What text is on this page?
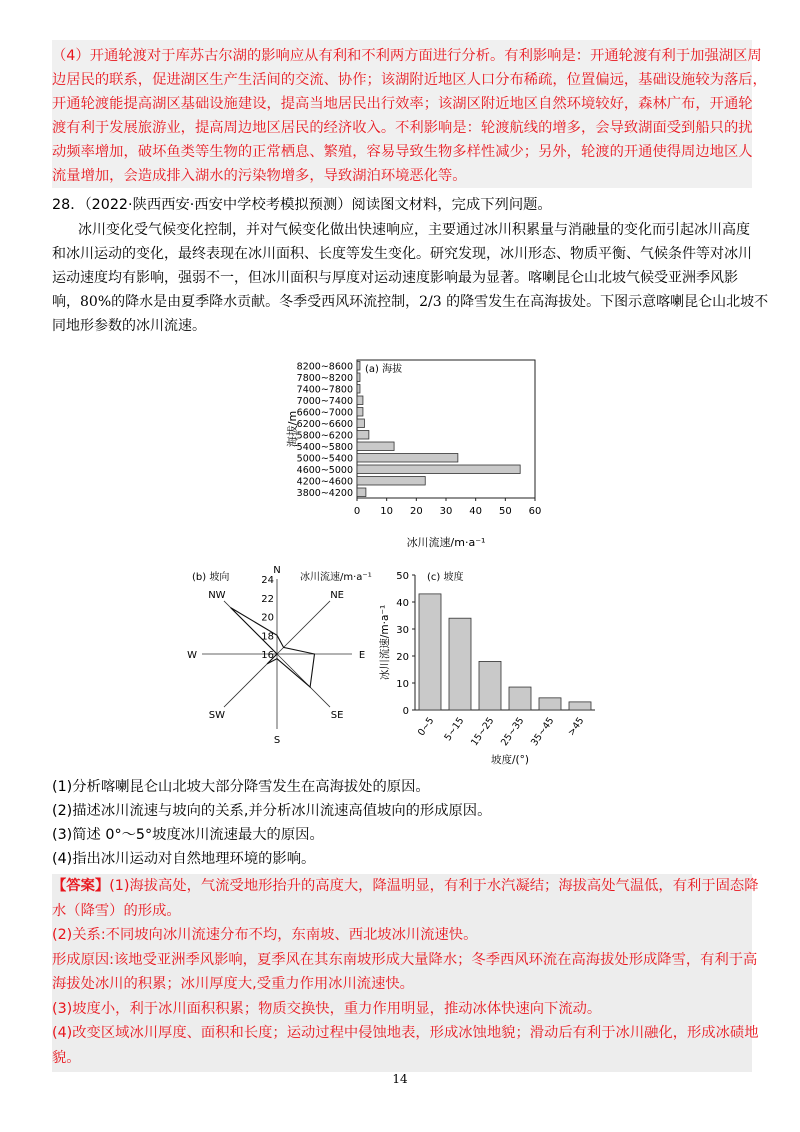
（4）开通轮渡对于库苏古尔湖的影响应从有利和不利两方面进行分析。有利影响是：开通轮渡有利于加强湖区周
边居民的联系，促进湖区生产生活间的交流、协作；该湖附近地区人口分布稀疏，位置偏远，基础设施较为落后，
开通轮渡能提高湖区基础设施建设，提高当地居民出行效率；该湖区附近地区自然环境较好，森林广布，开通轮
渡有利于发展旅游业，提高周边地区居民的经济收入。不利影响是：轮渡航线的增多，会导致湖面受到船只的扰
动频率增加，破坏鱼类等生物的正常栖息、繁殖，容易导致生物多样性减少；另外，轮渡的开通使得周边地区人
流量增加，会造成排入湖水的污染物增多，导致湖泊环境恶化等。
28．（2022·陕西西安·西安中学校考模拟预测）阅读图文材料，完成下列问题。
冰川变化受气候变化控制，并对气候变化做出快速响应，主要通过冰川积累量与消融量的变化而引起冰川高度
和冰川运动的变化，最终表现在冰川面积、长度等发生变化。研究发现，冰川形态、物质平衡、气候条件等对冰川
运动速度均有影响，强弱不一，但冰川面积与厚度对运动速度影响最为显著。喀喇昆仑山北坡气候受亚洲季风影
响，80%的降水是由夏季降水贡献。冬季受西风环流控制，2/3 的降雪发生在高海拔处。下图示意喀喇昆仑山北坡不
同地形参数的冰川流速。
(a) 海拔
8200~8600
7800~8200
7400~7800
7000~7400
6600~7000
6200~6600
5800~6200
5400~5800
5000~5400
4600~5000
4200~4600
3800~4200
0 10 20 30 40 50 60
海拔/m
冰川流速/m·a⁻¹
(b) 坡向	冰川流速/m·a⁻¹
N
NE
E
SE
S
SW
W
NW
16
18
20
22
24	(c) 坡度
0
10
20
30
40
50
0~5 5~15 15~25 25~35 35~45 >45
冰川流速/m·a⁻¹
坡度/(°)
(1)分析喀喇昆仑山北坡大部分降雪发生在高海拔处的原因。
(2)描述冰川流速与坡向的关系,并分析冰川流速高值坡向的形成原因。
(3)简述 0°～5°坡度冰川流速最大的原因。
(4)指出冰川运动对自然地理环境的影响。
【答案】(1)海拔高处，气流受地形抬升的高度大，降温明显，有利于水汽凝结；海拔高处气温低，有利于固态降
水（降雪）的形成。
(2)关系:不同坡向冰川流速分布不均，东南坡、西北坡冰川流速快。
形成原因:该地受亚洲季风影响，夏季风在其东南坡形成大量降水；冬季西风环流在高海拔处形成降雪，有利于高
海拔处冰川的积累；冰川厚度大,受重力作用冰川流速快。
(3)坡度小，利于冰川面积积累；物质交换快，重力作用明显，推动冰体快速向下流动。
(4)改变区域冰川厚度、面积和长度；运动过程中侵蚀地表，形成冰蚀地貌；滑动后有利于冰川融化，形成冰碛地
貌。
14
